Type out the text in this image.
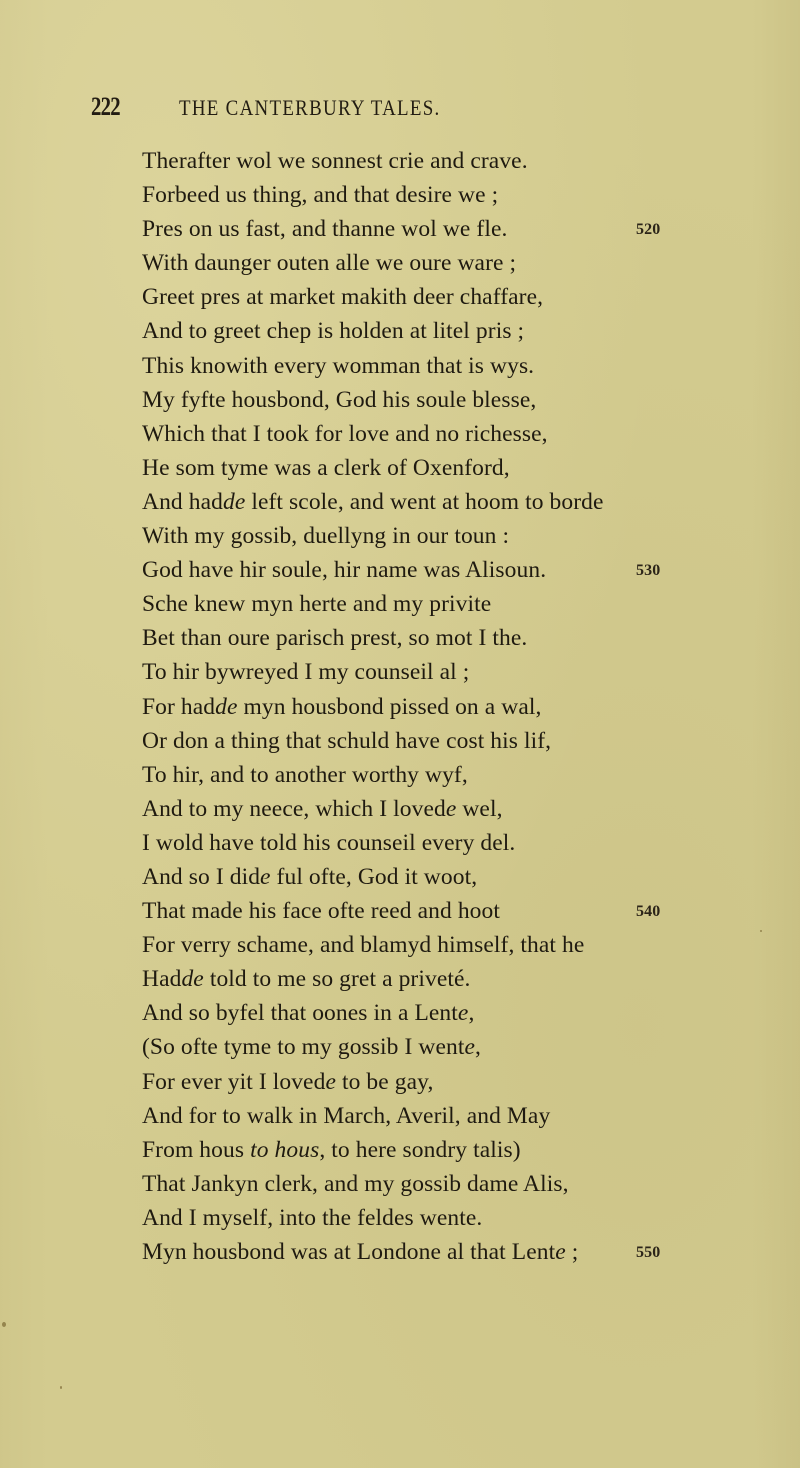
222	THE CANTERBURY TALES.
Therafter wol we sonnest crie and crave.
Forbeed us thing, and that desire we ;
Pres on us fast, and thanne wol we fle.	520
With daunger outen alle we oure ware ;
Greet pres at market makith deer chaffare,
And to greet chep is holden at litel pris ;
This knowith every womman that is wys.
My fyfte housbond, God his soule blesse,
Which that I took for love and no richesse,
He som tyme was a clerk of Oxenford,
And hadde left scole, and went at hoom to borde
With my gossib, duellyng in our toun :
God have hir soule, hir name was Alisoun.	530
Sche knew myn herte and my privite
Bet than oure parisch prest, so mot I the.
To hir bywreyed I my counseil al ;
For hadde myn housbond pissed on a wal,
Or don a thing that schuld have cost his lif,
To hir, and to another worthy wyf,
And to my neece, which I lovede wel,
I wold have told his counseil every del.
And so I dide ful ofte, God it woot,
That made his face ofte reed and hoot	540
For verry schame, and blamyd himself, that he
Hadde told to me so gret a priveté.
And so byfel that oones in a Lente,
(So ofte tyme to my gossib I wente,
For ever yit I lovede to be gay,
And for to walk in March, Averil, and May
From hous to hous, to here sondry talis)
That Jankyn clerk, and my gossib dame Alis,
And I myself, into the feldes wente.
Myn housbond was at Londone al that Lente ;	550
